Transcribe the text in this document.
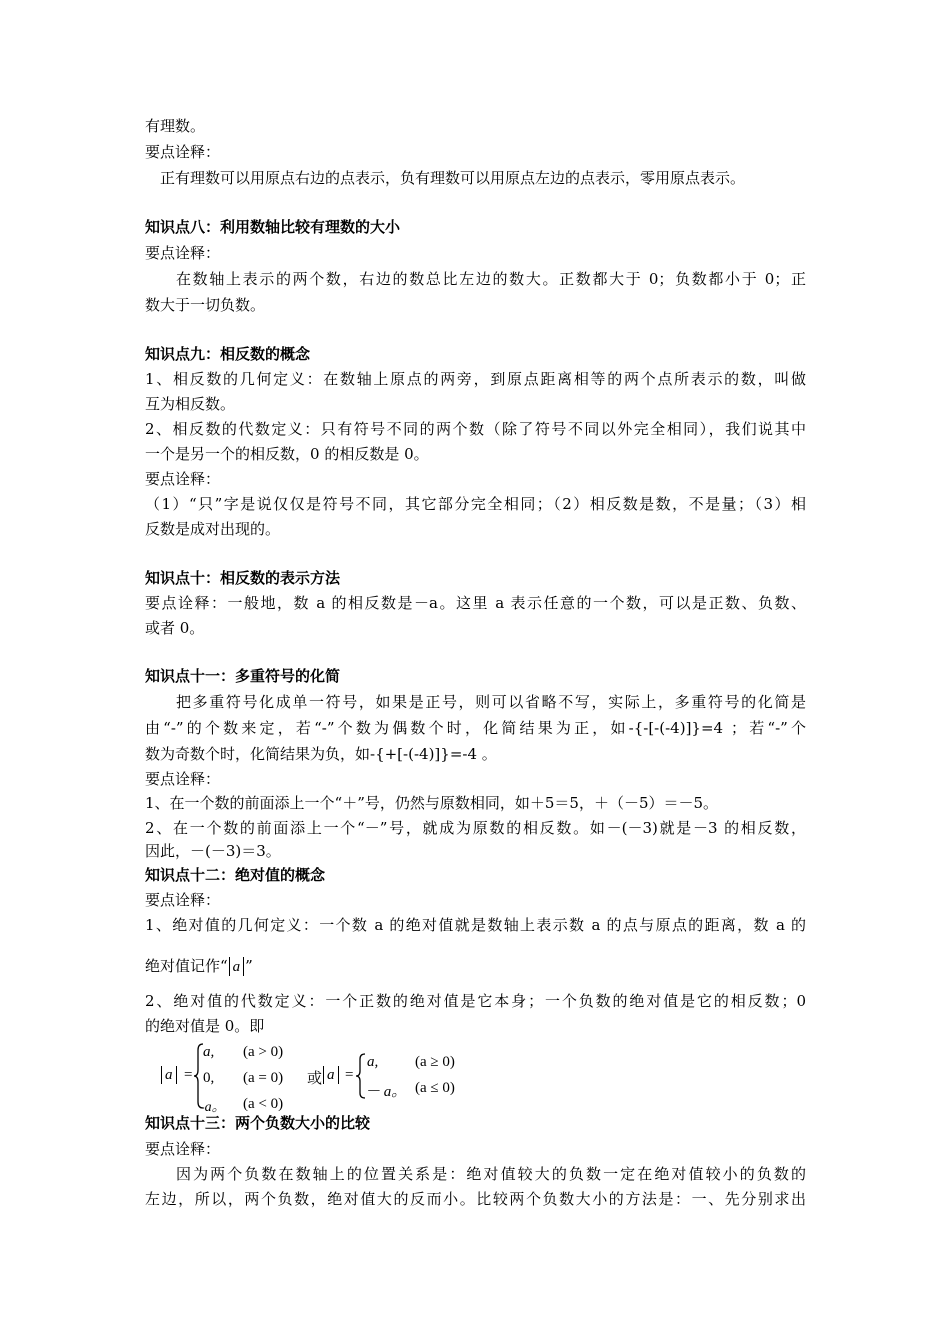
有理数。
要点诠释：
正有理数可以用原点右边的点表示，负有理数可以用原点左边的点表示，零用原点表示。
知识点八：利用数轴比较有理数的大小
要点诠释：
在数轴上表示的两个数，右边的数总比左边的数大。正数都大于 0；负数都小于 0；正
数大于一切负数。
知识点九：相反数的概念
1、相反数的几何定义：在数轴上原点的两旁，到原点距离相等的两个点所表示的数，叫做
互为相反数。
2、相反数的代数定义：只有符号不同的两个数（除了符号不同以外完全相同），我们说其中
一个是另一个的相反数，0 的相反数是 0。
要点诠释：
（1）“只”字是说仅仅是符号不同，其它部分完全相同；（2）相反数是数，不是量；（3）相
反数是成对出现的。
知识点十：相反数的表示方法
要点诠释：一般地，数 a 的相反数是－a。这里 a 表示任意的一个数，可以是正数、负数、
或者 0。
知识点十一：多重符号的化简
把多重符号化成单一符号，如果是正号，则可以省略不写，实际上，多重符号的化简是
由“-”的个数来定，若“-”个数为偶数个时，化简结果为正，如-{-[-(-4)]}=4 ；若“-”个
数为奇数个时，化简结果为负，如-{+[-(-4)]}=-4 。
要点诠释：
1、在一个数的前面添上一个“＋”号，仍然与原数相同，如＋5＝5，＋（－5）＝－5。
2、在一个数的前面添上一个“－”号，就成为原数的相反数。如－(－3)就是－3 的相反数，
因此，－(－3)＝3。
知识点十二：绝对值的概念
要点诠释：
1、绝对值的几何定义：一个数 a 的绝对值就是数轴上表示数 a 的点与原点的距离，数 a 的
绝对值记作“ a ”
2、绝对值的代数定义：一个正数的绝对值是它本身；一个负数的绝对值是它的相反数；0
的绝对值是 0。即
a =
a, (a > 0)
0, (a = 0)
-a。 (a < 0)
或 a =
a, (a ≥ 0)
－ a。 (a ≤ 0)
知识点十三：两个负数大小的比较
要点诠释：
因为两个负数在数轴上的位置关系是：绝对值较大的负数一定在绝对值较小的负数的
左边，所以，两个负数，绝对值大的反而小。比较两个负数大小的方法是：一、先分别求出
